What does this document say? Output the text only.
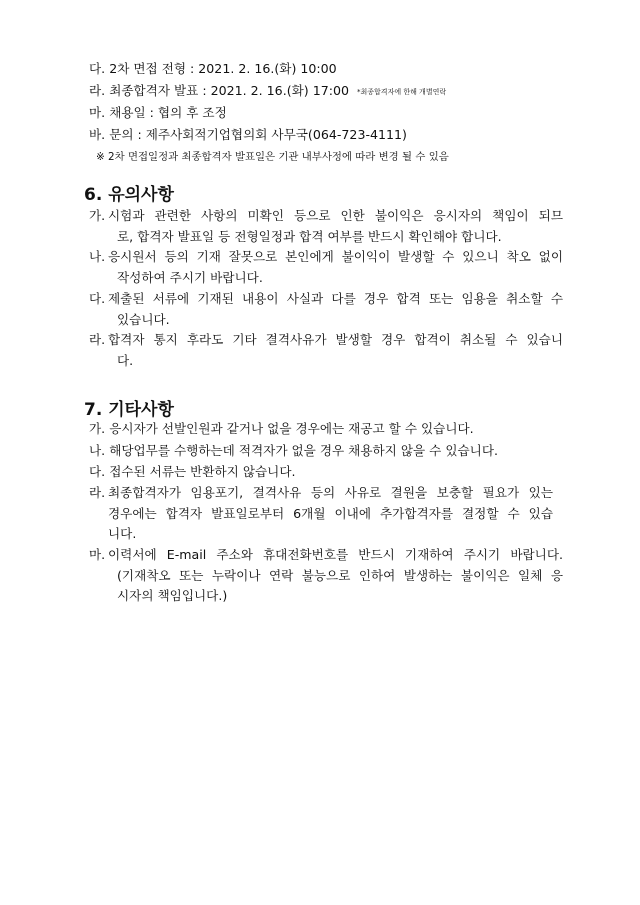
다. 2차 면접 전형 : 2021. 2. 16.(화) 10:00
라. 최종합격자 발표 : 2021. 2. 16.(화) 17:00 *최종합격자에 한해 개별연락
마. 채용일 : 협의 후 조정
바. 문의 : 제주사회적기업협의회 사무국(064-723-4111)
※ 2차 면접일정과 최종합격자 발표일은 기관 내부사정에 따라 변경 될 수 있음
6. 유의사항
가. 시험과 관련한 사항의 미확인 등으로 인한 불이익은 응시자의 책임이 되므
로, 합격자 발표일 등 전형일정과 합격 여부를 반드시 확인해야 합니다.
나. 응시원서 등의 기재 잘못으로 본인에게 불이익이 발생할 수 있으니 착오 없이
작성하여 주시기 바랍니다.
다. 제출된 서류에 기재된 내용이 사실과 다를 경우 합격 또는 임용을 취소할 수
있습니다.
라. 합격자 통지 후라도 기타 결격사유가 발생할 경우 합격이 취소될 수 있습니
다.
7. 기타사항
가. 응시자가 선발인원과 같거나 없을 경우에는 재공고 할 수 있습니다.
나. 해당업무를 수행하는데 적격자가 없을 경우 채용하지 않을 수 있습니다.
다. 접수된 서류는 반환하지 않습니다.
라. 최종합격자가 임용포기, 결격사유 등의 사유로 결원을 보충할 필요가 있는
경우에는 합격자 발표일로부터 6개월 이내에 추가합격자를 결정할 수 있습
니다.
마. 이력서에 E-mail 주소와 휴대전화번호를 반드시 기재하여 주시기 바랍니다.
(기재착오 또는 누락이나 연락 불능으로 인하여 발생하는 불이익은 일체 응
시자의 책임입니다.)
